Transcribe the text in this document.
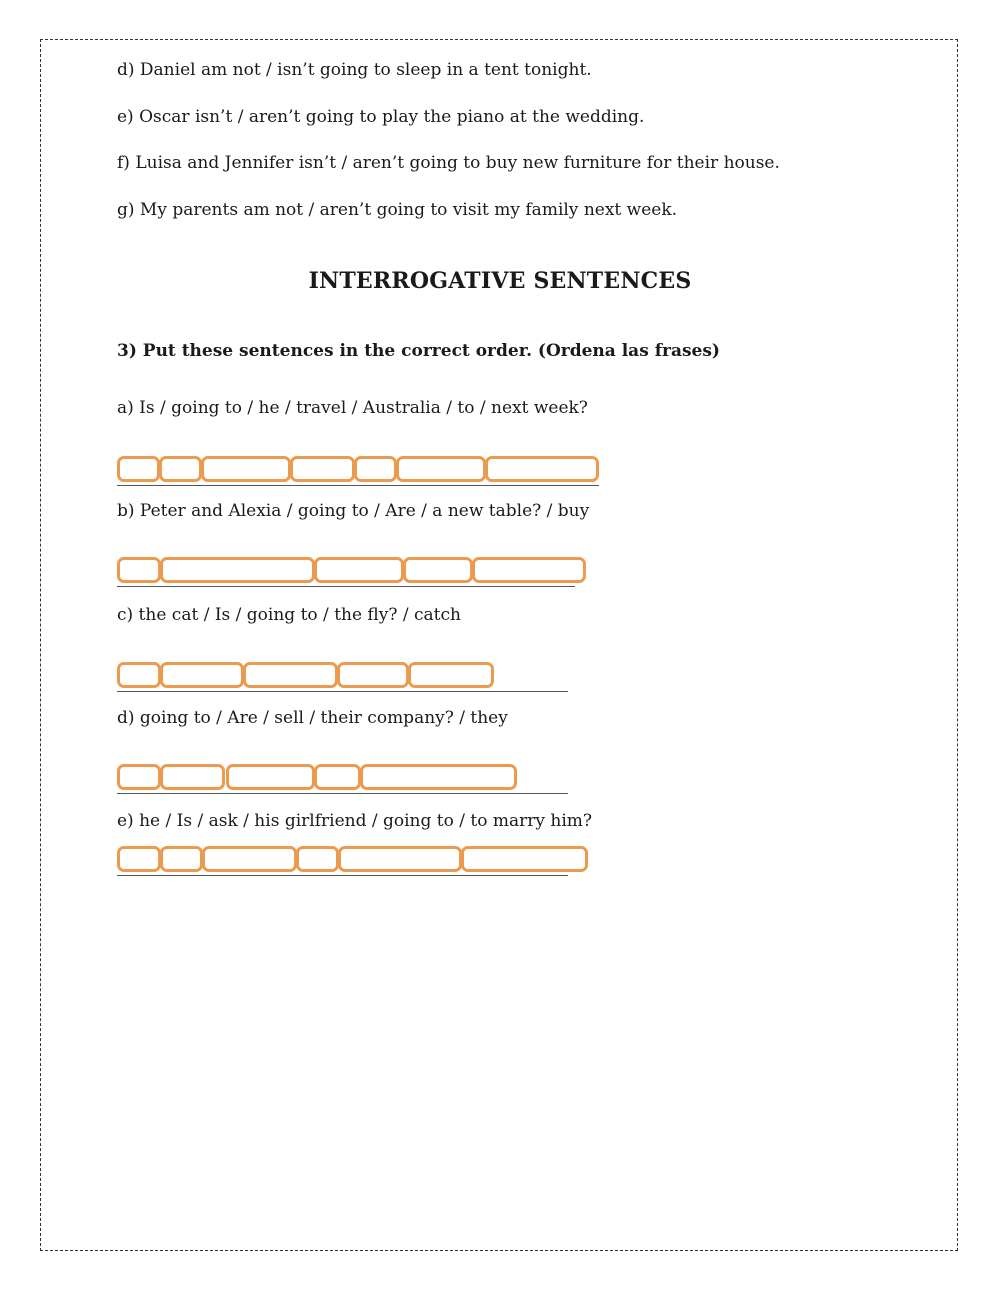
d) Daniel am not / isn’t going to sleep in a tent tonight.
e) Oscar isn’t / aren’t going to play the piano at the wedding.
f) Luisa and Jennifer isn’t / aren’t going to buy new furniture for their house.
g) My parents am not / aren’t going to visit my family next week.
INTERROGATIVE SENTENCES
3) Put these sentences in the correct order. (Ordena las frases)
a) Is / going to / he / travel / Australia / to / next week?
b) Peter and Alexia / going to / Are / a new table? / buy
c) the cat / Is / going to / the fly? / catch
d) going to / Are / sell / their company? / they
e) he / Is / ask / his girlfriend / going to / to marry him?
